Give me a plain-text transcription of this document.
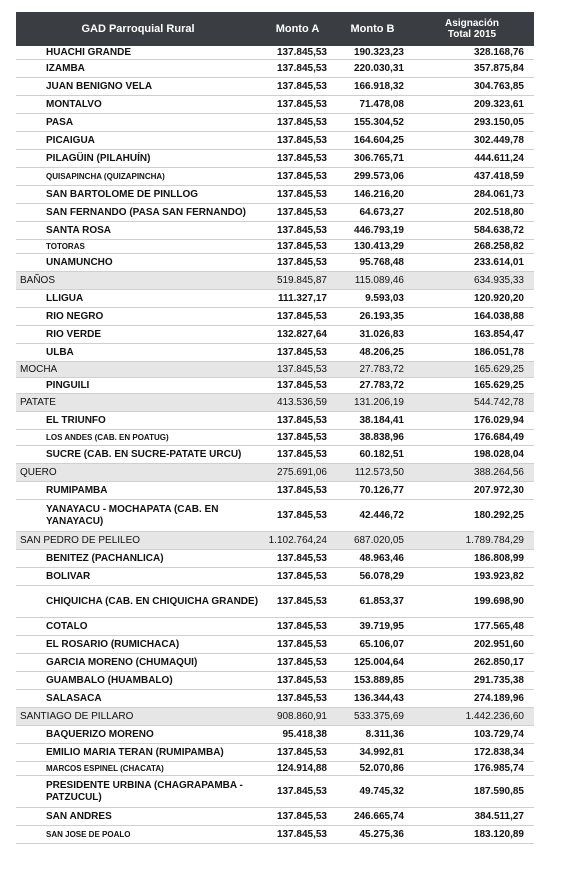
GAD Parroquial Rural	Monto A	Monto B	Asignación
Total 2015
HUACHI GRANDE	137.845,53	190.323,23	328.168,76
IZAMBA	137.845,53	220.030,31	357.875,84
JUAN BENIGNO VELA	137.845,53	166.918,32	304.763,85
MONTALVO	137.845,53	71.478,08	209.323,61
PASA	137.845,53	155.304,52	293.150,05
PICAIGUA	137.845,53	164.604,25	302.449,78
PILAGÜIN (PILAHUÍN)	137.845,53	306.765,71	444.611,24
QUISAPINCHA (QUIZAPINCHA)	137.845,53	299.573,06	437.418,59
SAN BARTOLOME DE PINLLOG	137.845,53	146.216,20	284.061,73
SAN FERNANDO (PASA SAN FERNANDO)	137.845,53	64.673,27	202.518,80
SANTA ROSA	137.845,53	446.793,19	584.638,72
TOTORAS	137.845,53	130.413,29	268.258,82
UNAMUNCHO	137.845,53	95.768,48	233.614,01
BAÑOS	519.845,87	115.089,46	634.935,33
LLIGUA	111.327,17	9.593,03	120.920,20
RIO NEGRO	137.845,53	26.193,35	164.038,88
RIO VERDE	132.827,64	31.026,83	163.854,47
ULBA	137.845,53	48.206,25	186.051,78
MOCHA	137.845,53	27.783,72	165.629,25
PINGUILI	137.845,53	27.783,72	165.629,25
PATATE	413.536,59	131.206,19	544.742,78
EL TRIUNFO	137.845,53	38.184,41	176.029,94
LOS ANDES (CAB. EN POATUG)	137.845,53	38.838,96	176.684,49
SUCRE (CAB. EN SUCRE-PATATE URCU)	137.845,53	60.182,51	198.028,04
QUERO	275.691,06	112.573,50	388.264,56
RUMIPAMBA	137.845,53	70.126,77	207.972,30
YANAYACU - MOCHAPATA (CAB. EN YANAYACU)	137.845,53	42.446,72	180.292,25
SAN PEDRO DE PELILEO	1.102.764,24	687.020,05	1.789.784,29
BENITEZ (PACHANLICA)	137.845,53	48.963,46	186.808,99
BOLIVAR	137.845,53	56.078,29	193.923,82
CHIQUICHA (CAB. EN CHIQUICHA GRANDE)	137.845,53	61.853,37	199.698,90
COTALO	137.845,53	39.719,95	177.565,48
EL ROSARIO (RUMICHACA)	137.845,53	65.106,07	202.951,60
GARCIA MORENO (CHUMAQUI)	137.845,53	125.004,64	262.850,17
GUAMBALO (HUAMBALO)	137.845,53	153.889,85	291.735,38
SALASACA	137.845,53	136.344,43	274.189,96
SANTIAGO DE PILLARO	908.860,91	533.375,69	1.442.236,60
BAQUERIZO MORENO	95.418,38	8.311,36	103.729,74
EMILIO MARIA TERAN (RUMIPAMBA)	137.845,53	34.992,81	172.838,34
MARCOS ESPINEL (CHACATA)	124.914,88	52.070,86	176.985,74
PRESIDENTE URBINA (CHAGRAPAMBA - PATZUCUL)	137.845,53	49.745,32	187.590,85
SAN ANDRES	137.845,53	246.665,74	384.511,27
SAN JOSE DE POALO	137.845,53	45.275,36	183.120,89
